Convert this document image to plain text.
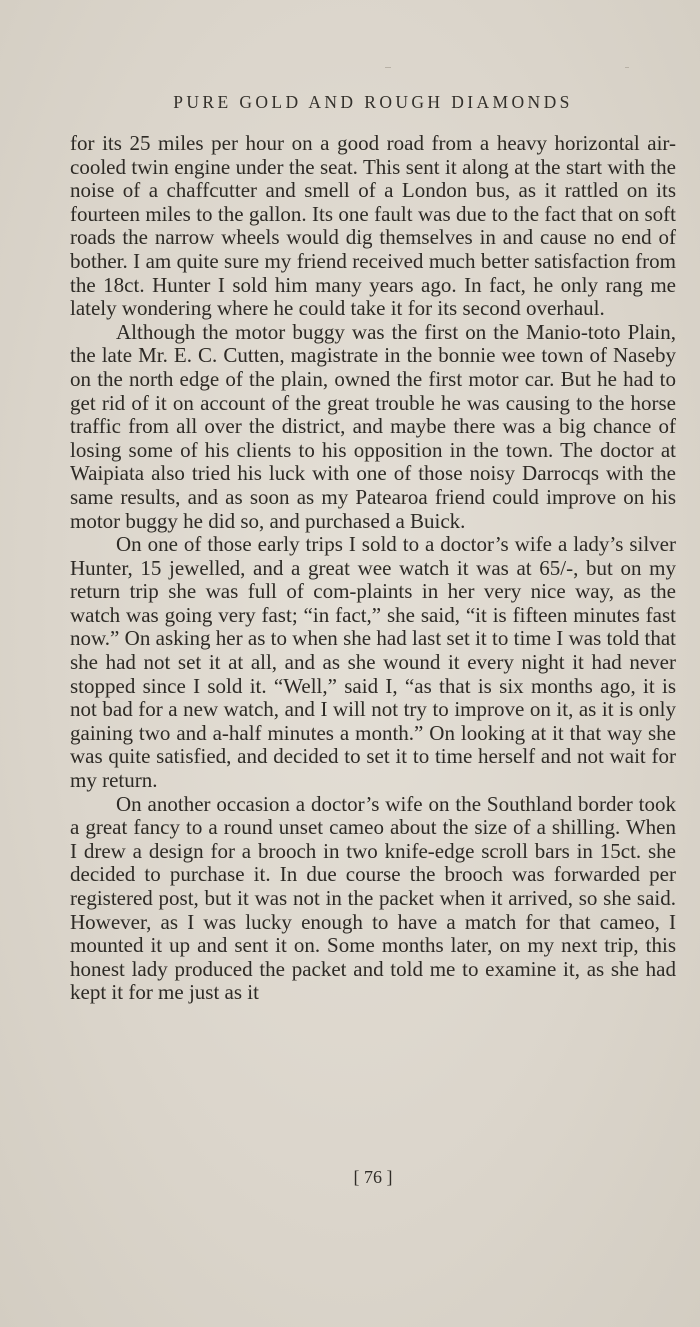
PURE GOLD AND ROUGH DIAMONDS

for its 25 miles per hour on a good road from a heavy horizontal air-cooled twin engine under the seat. This sent it along at the start with the noise of a chaffcutter and smell of a London bus, as it rattled on its fourteen miles to the gallon. Its one fault was due to the fact that on soft roads the narrow wheels would dig themselves in and cause no end of bother. I am quite sure my friend received much better satisfaction from the 18ct. Hunter I sold him many years ago. In fact, he only rang me lately wondering where he could take it for its second overhaul.

Although the motor buggy was the first on the Manio-toto Plain, the late Mr. E. C. Cutten, magistrate in the bonnie wee town of Naseby on the north edge of the plain, owned the first motor car. But he had to get rid of it on account of the great trouble he was causing to the horse traffic from all over the district, and maybe there was a big chance of losing some of his clients to his opposition in the town. The doctor at Waipiata also tried his luck with one of those noisy Darrocqs with the same results, and as soon as my Patearoa friend could improve on his motor buggy he did so, and purchased a Buick.

On one of those early trips I sold to a doctor’s wife a lady’s silver Hunter, 15 jewelled, and a great wee watch it was at 65/-, but on my return trip she was full of com-plaints in her very nice way, as the watch was going very fast; “in fact,” she said, “it is fifteen minutes fast now.” On asking her as to when she had last set it to time I was told that she had not set it at all, and as she wound it every night it had never stopped since I sold it. “Well,” said I, “as that is six months ago, it is not bad for a new watch, and I will not try to improve on it, as it is only gaining two and a-half minutes a month.” On looking at it that way she was quite satisfied, and decided to set it to time herself and not wait for my return.

On another occasion a doctor’s wife on the Southland border took a great fancy to a round unset cameo about the size of a shilling. When I drew a design for a brooch in two knife-edge scroll bars in 15ct. she decided to purchase it. In due course the brooch was forwarded per registered post, but it was not in the packet when it arrived, so she said. However, as I was lucky enough to have a match for that cameo, I mounted it up and sent it on. Some months later, on my next trip, this honest lady produced the packet and told me to examine it, as she had kept it for me just as it

[ 76 ]
